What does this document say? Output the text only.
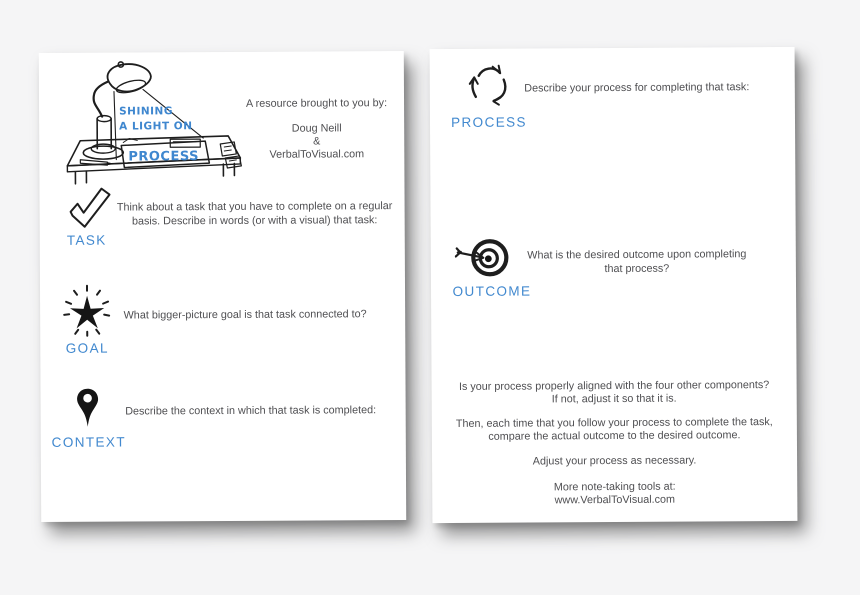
SHINING
A LIGHT ON
PROCESS
A resource brought to you by:
Doug Neill
&
VerbalToVisual.com
TASK
Think about a task that you have to complete on a regular
basis. Describe in words (or with a visual) that task:
GOAL
What bigger-picture goal is that task connected to?
CONTEXT
Describe the context in which that task is completed:
PROCESS
Describe your process for completing that task:
OUTCOME
What is the desired outcome upon completing
that process?
Is your process properly aligned with the four other components?
If not, adjust it so that it is.
Then, each time that you follow your process to complete the task,
compare the actual outcome to the desired outcome.
Adjust your process as necessary.
More note-taking tools at:
www.VerbalToVisual.com
